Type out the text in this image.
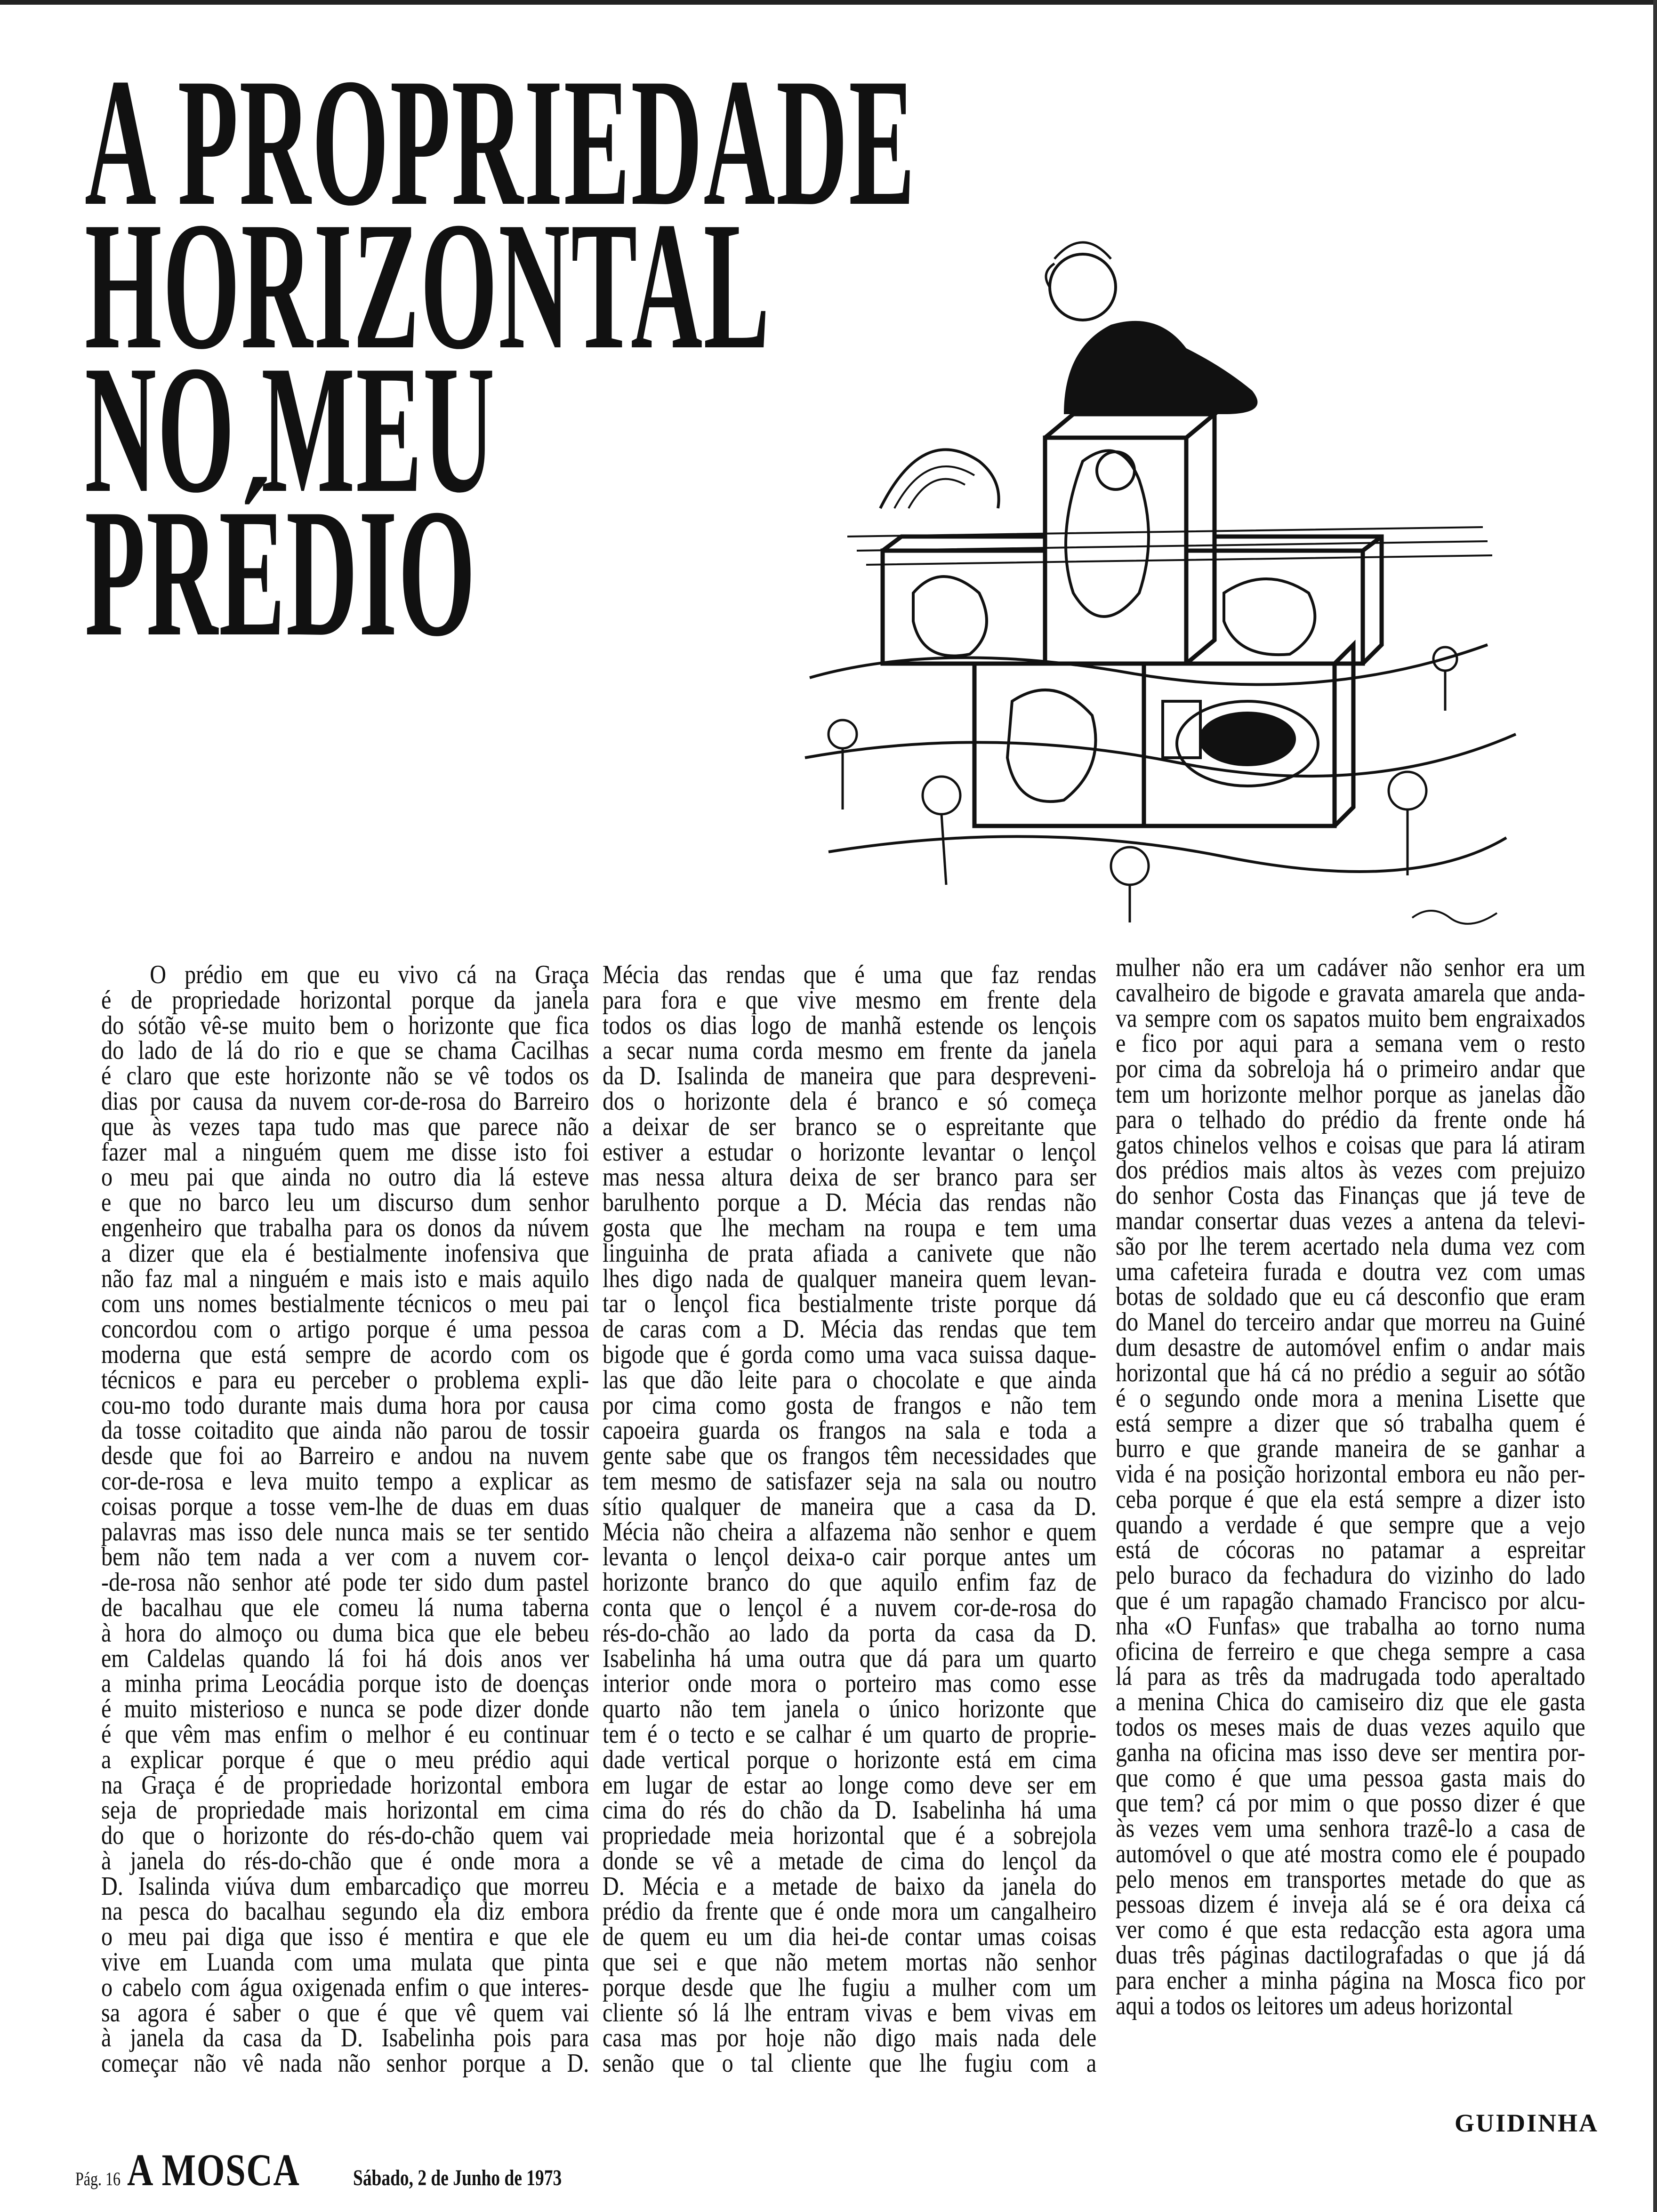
A PROPRIEDADE
HORIZONTAL
NO MEU
PRÉDIO
O prédio em que eu vivo cá na Graça
é de propriedade horizontal porque da janela
do sótão vê-se muito bem o horizonte que fica
do lado de lá do rio e que se chama Cacilhas
é claro que este horizonte não se vê todos os
dias por causa da nuvem cor-de-rosa do Barreiro
que às vezes tapa tudo mas que parece não
fazer mal a ninguém quem me disse isto foi
o meu pai que ainda no outro dia lá esteve
e que no barco leu um discurso dum senhor
engenheiro que trabalha para os donos da núvem
a dizer que ela é bestialmente inofensiva que
não faz mal a ninguém e mais isto e mais aquilo
com uns nomes bestialmente técnicos o meu pai
concordou com o artigo porque é uma pessoa
moderna que está sempre de acordo com os
técnicos e para eu perceber o problema expli-
cou-mo todo durante mais duma hora por causa
da tosse coitadito que ainda não parou de tossir
desde que foi ao Barreiro e andou na nuvem
cor-de-rosa e leva muito tempo a explicar as
coisas porque a tosse vem-lhe de duas em duas
palavras mas isso dele nunca mais se ter sentido
bem não tem nada a ver com a nuvem cor-
-de-rosa não senhor até pode ter sido dum pastel
de bacalhau que ele comeu lá numa taberna
à hora do almoço ou duma bica que ele bebeu
em Caldelas quando lá foi há dois anos ver
a minha prima Leocádia porque isto de doenças
é muito misterioso e nunca se pode dizer donde
é que vêm mas enfim o melhor é eu continuar
a explicar porque é que o meu prédio aqui
na Graça é de propriedade horizontal embora
seja de propriedade mais horizontal em cima
do que o horizonte do rés-do-chão quem vai
à janela do rés-do-chão que é onde mora a
D. Isalinda viúva dum embarcadiço que morreu
na pesca do bacalhau segundo ela diz embora
o meu pai diga que isso é mentira e que ele
vive em Luanda com uma mulata que pinta
o cabelo com água oxigenada enfim o que interes-
sa agora é saber o que é que vê quem vai
à janela da casa da D. Isabelinha pois para
começar não vê nada não senhor porque a D.
Mécia das rendas que é uma que faz rendas
para fora e que vive mesmo em frente dela
todos os dias logo de manhã estende os lençois
a secar numa corda mesmo em frente da janela
da D. Isalinda de maneira que para despreveni-
dos o horizonte dela é branco e só começa
a deixar de ser branco se o espreitante que
estiver a estudar o horizonte levantar o lençol
mas nessa altura deixa de ser branco para ser
barulhento porque a D. Mécia das rendas não
gosta que lhe mecham na roupa e tem uma
linguinha de prata afiada a canivete que não
lhes digo nada de qualquer maneira quem levan-
tar o lençol fica bestialmente triste porque dá
de caras com a D. Mécia das rendas que tem
bigode que é gorda como uma vaca suissa daque-
las que dão leite para o chocolate e que ainda
por cima como gosta de frangos e não tem
capoeira guarda os frangos na sala e toda a
gente sabe que os frangos têm necessidades que
tem mesmo de satisfazer seja na sala ou noutro
sítio qualquer de maneira que a casa da D.
Mécia não cheira a alfazema não senhor e quem
levanta o lençol deixa-o cair porque antes um
horizonte branco do que aquilo enfim faz de
conta que o lençol é a nuvem cor-de-rosa do
rés-do-chão ao lado da porta da casa da D.
Isabelinha há uma outra que dá para um quarto
interior onde mora o porteiro mas como esse
quarto não tem janela o único horizonte que
tem é o tecto e se calhar é um quarto de proprie-
dade vertical porque o horizonte está em cima
em lugar de estar ao longe como deve ser em
cima do rés do chão da D. Isabelinha há uma
propriedade meia horizontal que é a sobrejola
donde se vê a metade de cima do lençol da
D. Mécia e a metade de baixo da janela do
prédio da frente que é onde mora um cangalheiro
de quem eu um dia hei-de contar umas coisas
que sei e que não metem mortas não senhor
porque desde que lhe fugiu a mulher com um
cliente só lá lhe entram vivas e bem vivas em
casa mas por hoje não digo mais nada dele
senão que o tal cliente que lhe fugiu com a
mulher não era um cadáver não senhor era um
cavalheiro de bigode e gravata amarela que anda-
va sempre com os sapatos muito bem engraixados
e fico por aqui para a semana vem o resto
por cima da sobreloja há o primeiro andar que
tem um horizonte melhor porque as janelas dão
para o telhado do prédio da frente onde há
gatos chinelos velhos e coisas que para lá atiram
dos prédios mais altos às vezes com prejuizo
do senhor Costa das Finanças que já teve de
mandar consertar duas vezes a antena da televi-
são por lhe terem acertado nela duma vez com
uma cafeteira furada e doutra vez com umas
botas de soldado que eu cá desconfio que eram
do Manel do terceiro andar que morreu na Guiné
dum desastre de automóvel enfim o andar mais
horizontal que há cá no prédio a seguir ao sótão
é o segundo onde mora a menina Lisette que
está sempre a dizer que só trabalha quem é
burro e que grande maneira de se ganhar a
vida é na posição horizontal embora eu não per-
ceba porque é que ela está sempre a dizer isto
quando a verdade é que sempre que a vejo
está de cócoras no patamar a espreitar
pelo buraco da fechadura do vizinho do lado
que é um rapagão chamado Francisco por alcu-
nha «O Funfas» que trabalha ao torno numa
oficina de ferreiro e que chega sempre a casa
lá para as três da madrugada todo aperaltado
a menina Chica do camiseiro diz que ele gasta
todos os meses mais de duas vezes aquilo que
ganha na oficina mas isso deve ser mentira por-
que como é que uma pessoa gasta mais do
que tem? cá por mim o que posso dizer é que
às vezes vem uma senhora trazê-lo a casa de
automóvel o que até mostra como ele é poupado
pelo menos em transportes metade do que as
pessoas dizem é inveja alá se é ora deixa cá
ver como é que esta redacção esta agora uma
duas três páginas dactilografadas o que já dá
para encher a minha página na Mosca fico por
aqui a todos os leitores um adeus horizontal
GUIDINHA
Pág. 16 A MOSCA	Sábado, 2 de Junho de 1973
